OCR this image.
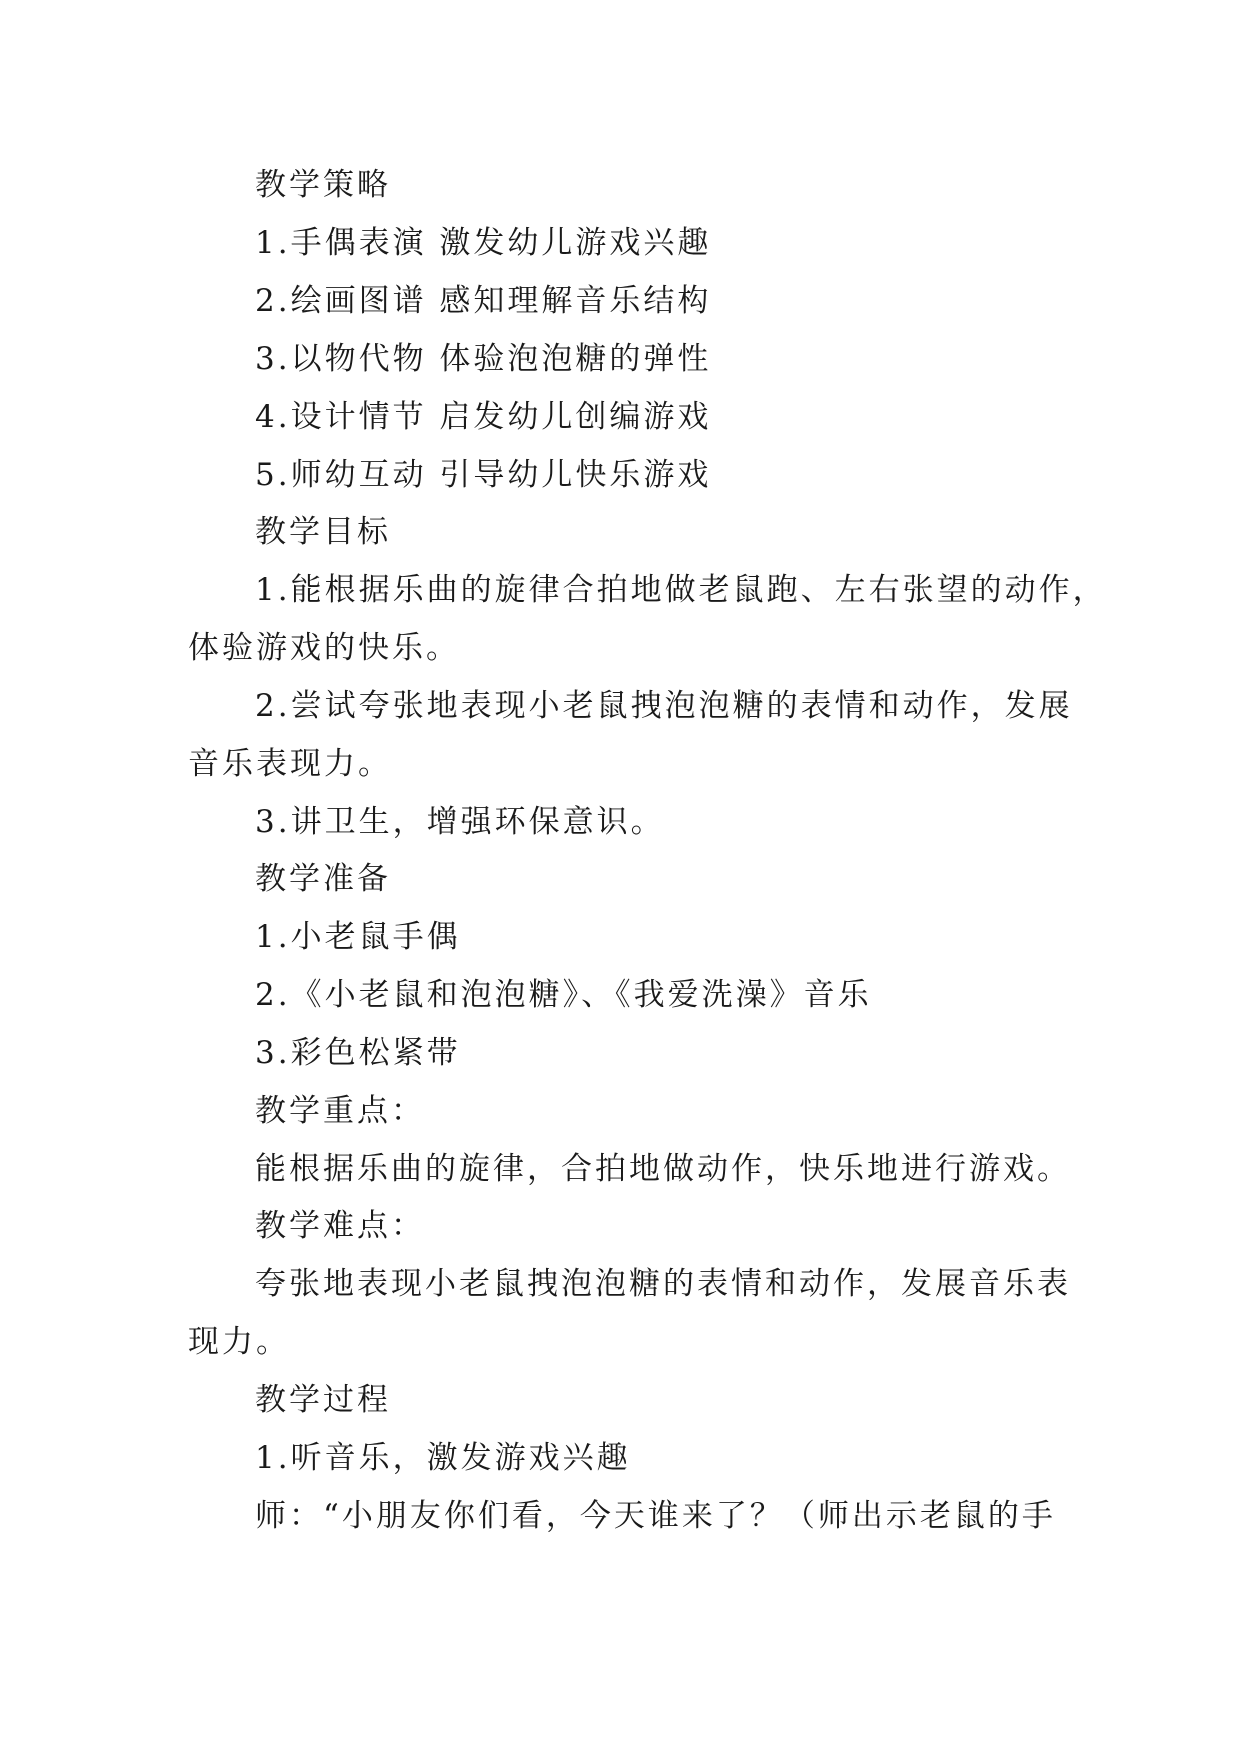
教学策略
1.手偶表演 激发幼儿游戏兴趣
2.绘画图谱 感知理解音乐结构
3.以物代物 体验泡泡糖的弹性
4.设计情节 启发幼儿创编游戏
5.师幼互动 引导幼儿快乐游戏
教学目标
1.能根据乐曲的旋律合拍地做老鼠跑、左右张望的动作，
体验游戏的快乐。
2.尝试夸张地表现小老鼠拽泡泡糖的表情和动作，发展
音乐表现力。
3.讲卫生，增强环保意识。
教学准备
1.小老鼠手偶
2.《小老鼠和泡泡糖》、《我爱洗澡》音乐
3.彩色松紧带
教学重点：
能根据乐曲的旋律，合拍地做动作，快乐地进行游戏。
教学难点：
夸张地表现小老鼠拽泡泡糖的表情和动作，发展音乐表
现力。
教学过程
1.听音乐，激发游戏兴趣
师：“小朋友你们看，今天谁来了？（师出示老鼠的手
